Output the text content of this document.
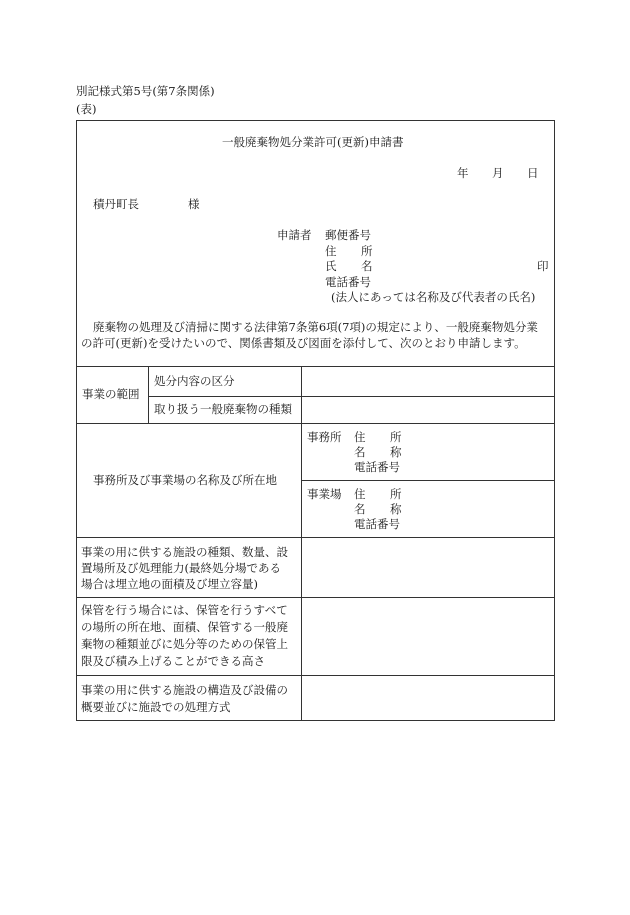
別記様式第5号(第7条関係)
(表)
一般廃棄物処分業許可(更新)申請書
年 月 日
積丹町長	様
申請者 郵便番号
住 所
氏 名	印
電話番号
(法人にあっては名称及び代表者の氏名)
廃棄物の処理及び清掃に関する法律第7条第6項(7項)の規定により、一般廃棄物処分業
の許可(更新)を受けたいので、関係書類及び図面を添付して、次のとおり申請します。
事業の範囲
処分内容の区分
取り扱う一般廃棄物の種類
事務所及び事業場の名称及び所在地
事務所 住 所
名 称
電話番号
事業場 住 所
名 称
電話番号
事業の用に供する施設の種類、数量、設
置場所及び処理能力(最終処分場である
場合は埋立地の面積及び埋立容量)
保管を行う場合には、保管を行うすべて
の場所の所在地、面積、保管する一般廃
棄物の種類並びに処分等のための保管上
限及び積み上げることができる高さ
事業の用に供する施設の構造及び設備の
概要並びに施設での処理方式
